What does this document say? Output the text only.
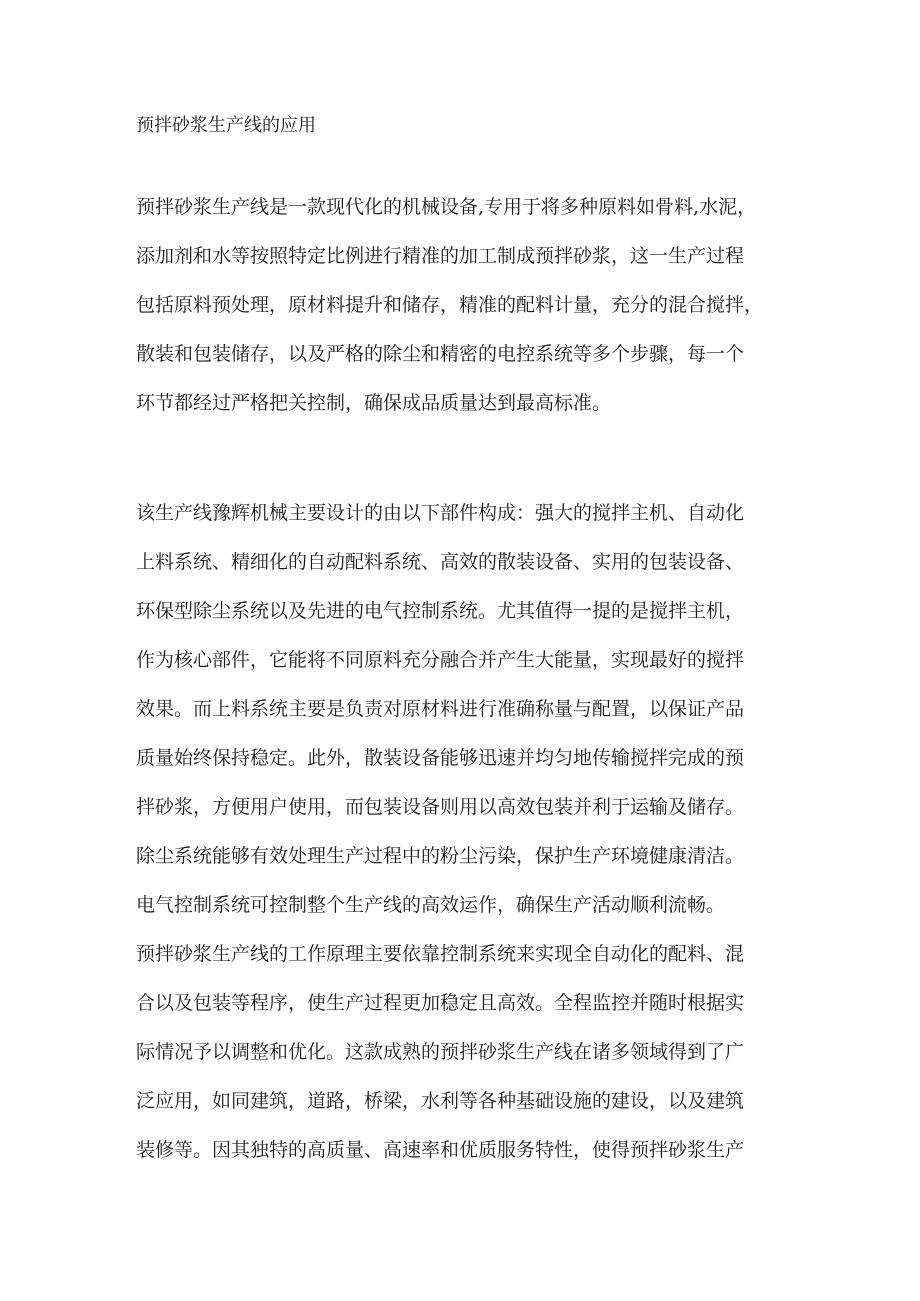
预拌砂浆生产线的应用
预拌砂浆生产线是一款现代化的机械设备,专用于将多种原料如骨料,水泥，
添加剂和水等按照特定比例进行精准的加工制成预拌砂浆，这一生产过程
包括原料预处理，原材料提升和储存，精准的配料计量，充分的混合搅拌，
散装和包装储存，以及严格的除尘和精密的电控系统等多个步骤，每一个
环节都经过严格把关控制，确保成品质量达到最高标准。
该生产线豫辉机械主要设计的由以下部件构成：强大的搅拌主机、自动化
上料系统、精细化的自动配料系统、高效的散装设备、实用的包装设备、
环保型除尘系统以及先进的电气控制系统。尤其值得一提的是搅拌主机，
作为核心部件，它能将不同原料充分融合并产生大能量，实现最好的搅拌
效果。而上料系统主要是负责对原材料进行准确称量与配置，以保证产品
质量始终保持稳定。此外，散装设备能够迅速并均匀地传输搅拌完成的预
拌砂浆，方便用户使用，而包装设备则用以高效包装并利于运输及储存。
除尘系统能够有效处理生产过程中的粉尘污染，保护生产环境健康清洁。
电气控制系统可控制整个生产线的高效运作，确保生产活动顺利流畅。
预拌砂浆生产线的工作原理主要依靠控制系统来实现全自动化的配料、混
合以及包装等程序，使生产过程更加稳定且高效。全程监控并随时根据实
际情况予以调整和优化。这款成熟的预拌砂浆生产线在诸多领域得到了广
泛应用，如同建筑，道路，桥梁，水利等各种基础设施的建设，以及建筑
装修等。因其独特的高质量、高速率和优质服务特性，使得预拌砂浆生产
